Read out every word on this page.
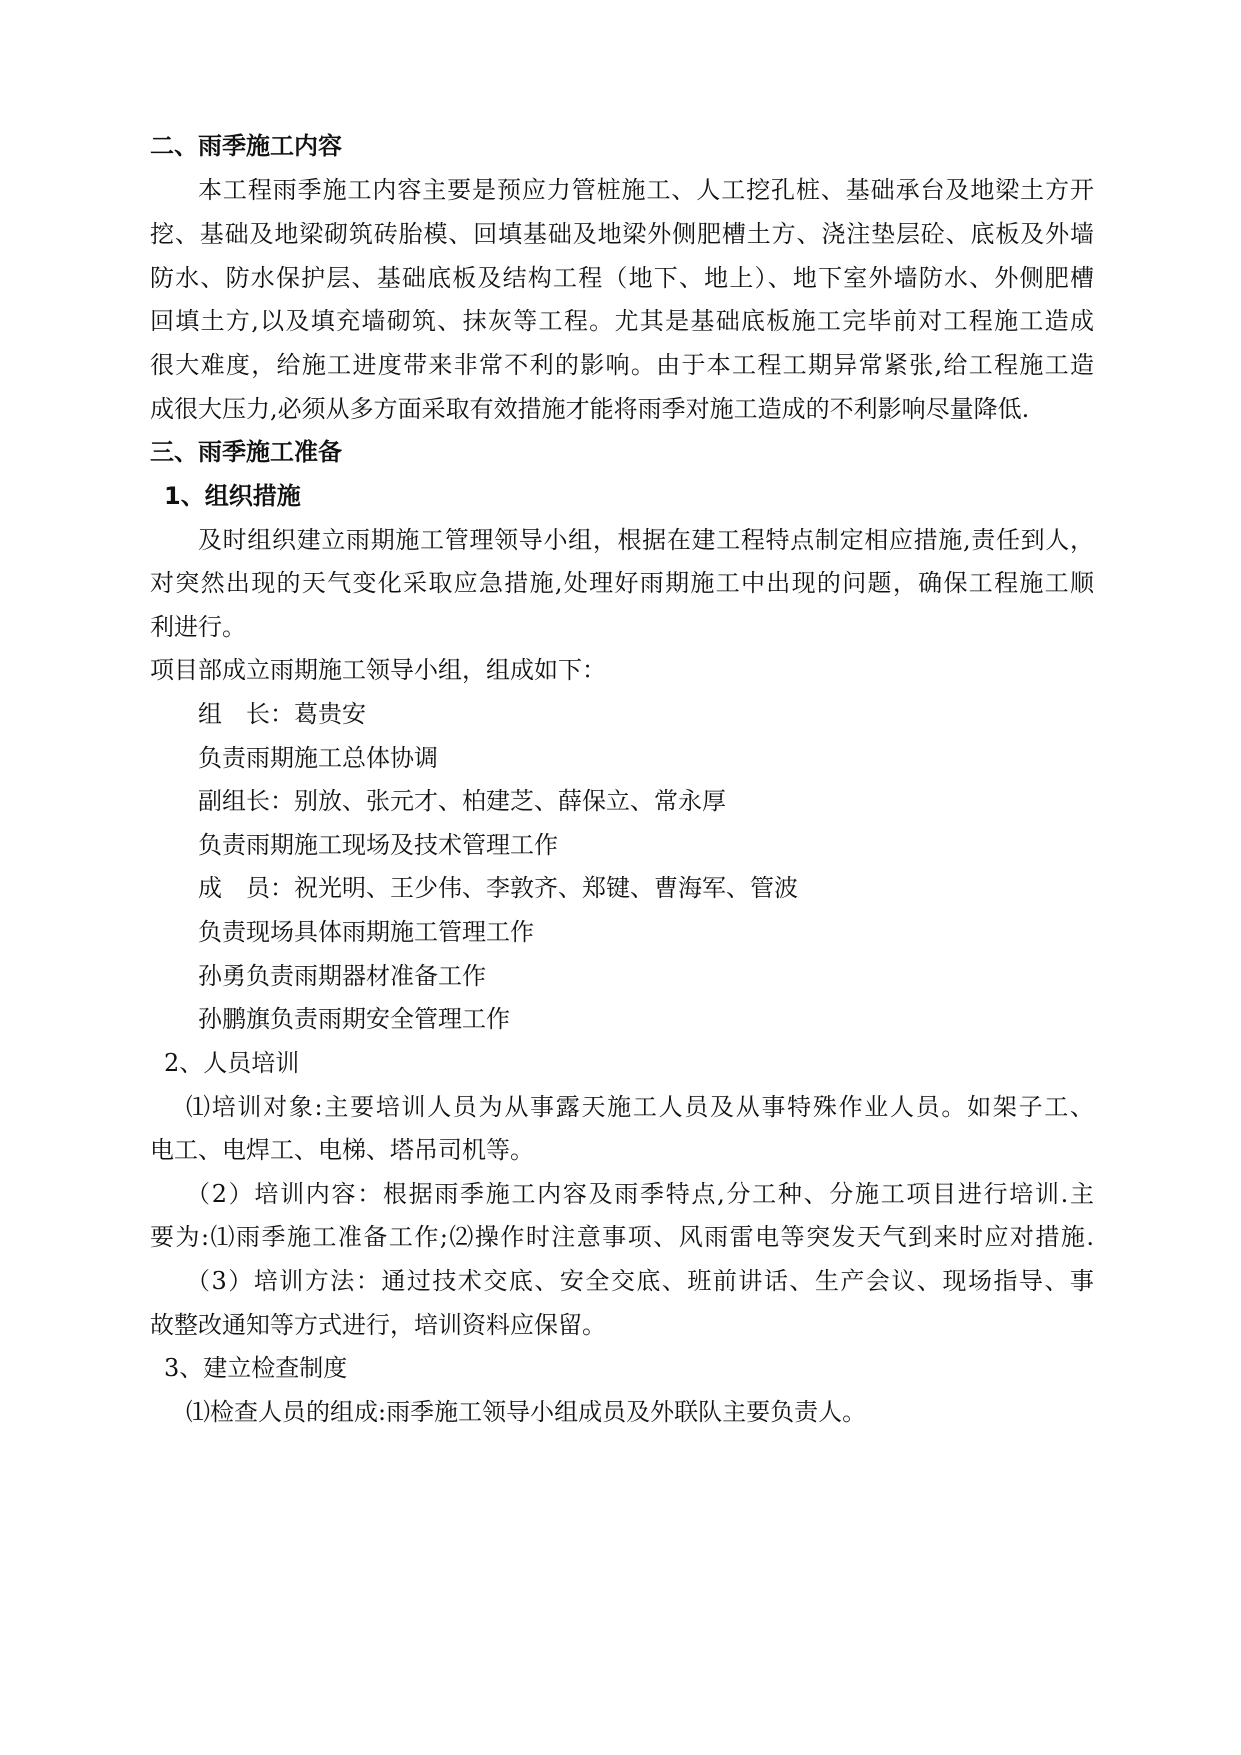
二、雨季施工内容
本工程雨季施工内容主要是预应力管桩施工、人工挖孔桩、基础承台及地梁土方开
挖、基础及地梁砌筑砖胎模、回填基础及地梁外侧肥槽土方、浇注垫层砼、底板及外墙
防水、防水保护层、基础底板及结构工程（地下、地上）、地下室外墙防水、外侧肥槽
回填土方,以及填充墙砌筑、抹灰等工程。尤其是基础底板施工完毕前对工程施工造成
很大难度，给施工进度带来非常不利的影响。由于本工程工期异常紧张,给工程施工造
成很大压力,必须从多方面采取有效措施才能将雨季对施工造成的不利影响尽量降低.
三、雨季施工准备
1、组织措施
及时组织建立雨期施工管理领导小组，根据在建工程特点制定相应措施,责任到人，
对突然出现的天气变化采取应急措施,处理好雨期施工中出现的问题，确保工程施工顺
利进行。
项目部成立雨期施工领导小组，组成如下：
组　长：葛贵安
负责雨期施工总体协调
副组长：别放、张元才、柏建芝、薛保立、常永厚
负责雨期施工现场及技术管理工作
成　员：祝光明、王少伟、李敦齐、郑键、曹海军、管波
负责现场具体雨期施工管理工作
孙勇负责雨期器材准备工作
孙鹏旗负责雨期安全管理工作
2、人员培训
⑴培训对象:主要培训人员为从事露天施工人员及从事特殊作业人员。如架子工、
电工、电焊工、电梯、塔吊司机等。
（2）培训内容：根据雨季施工内容及雨季特点,分工种、分施工项目进行培训.主
要为:⑴雨季施工准备工作;⑵操作时注意事项、风雨雷电等突发天气到来时应对措施.
（3）培训方法：通过技术交底、安全交底、班前讲话、生产会议、现场指导、事
故整改通知等方式进行，培训资料应保留。
3、建立检查制度
⑴检查人员的组成:雨季施工领导小组成员及外联队主要负责人。
